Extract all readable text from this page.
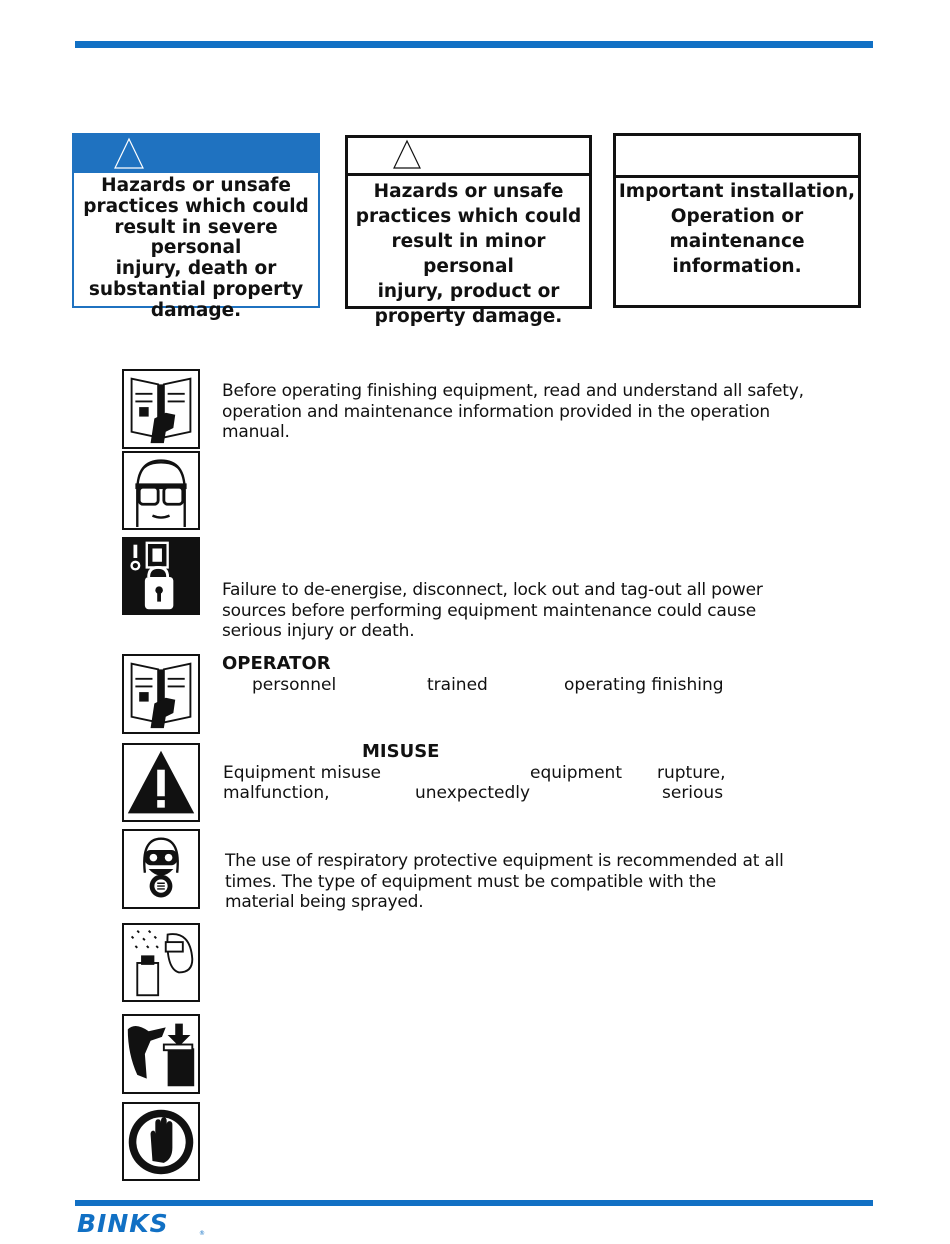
Hazards or unsafe
practices which could
result in severe personal
injury, death or
substantial property
damage.
Hazards or unsafe
practices which could
result in minor personal
injury, product or
property damage.
Important installation,
Operation or
maintenance
information.
Before operating finishing equipment, read and understand all safety,
operation and maintenance information provided in the operation
manual.
Failure to de-energise, disconnect, lock out and tag-out all power
sources before performing equipment maintenance could cause
serious injury or death.
OPERATOR
personnel	trained	operating finishing
MISUSE
Equipment misuse	equipment rupture,
malfunction,	unexpectedly	serious
The use of respiratory protective equipment is recommended at all
times. The type of equipment must be compatible with the
material being sprayed.
BINKS	®
